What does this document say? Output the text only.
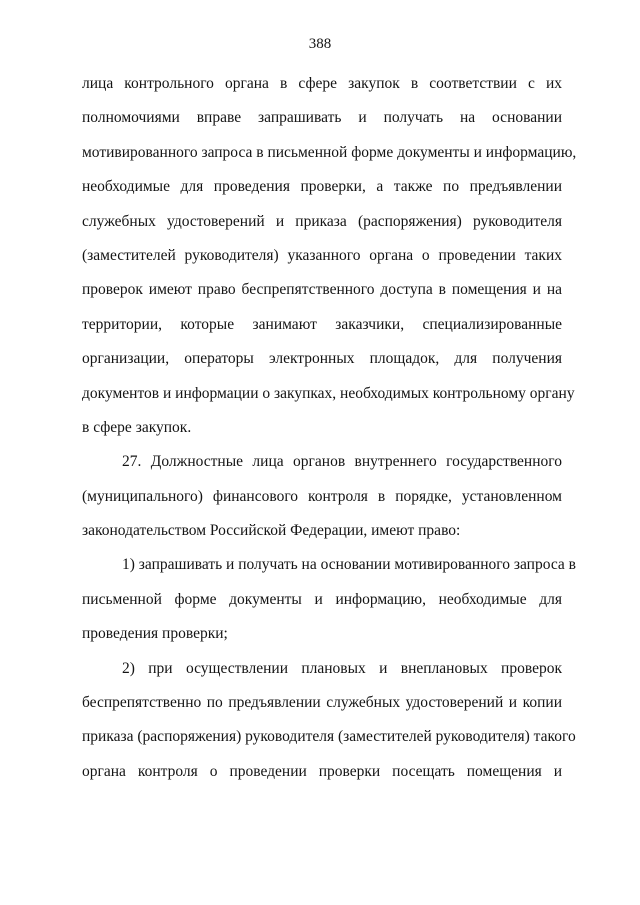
388
лица контрольного органа в сфере закупок в соответствии с их
полномочиями вправе запрашивать и получать на основании
мотивированного запроса в письменной форме документы и информацию,
необходимые для проведения проверки, а также по предъявлении
служебных удостоверений и приказа (распоряжения) руководителя
(заместителей руководителя) указанного органа о проведении таких
проверок имеют право беспрепятственного доступа в помещения и на
территории, которые занимают заказчики, специализированные
организации, операторы электронных площадок, для получения
документов и информации о закупках, необходимых контрольному органу
в сфере закупок.
27. Должностные лица органов внутреннего государственного
(муниципального) финансового контроля в порядке, установленном
законодательством Российской Федерации, имеют право:
1) запрашивать и получать на основании мотивированного запроса в
письменной форме документы и информацию, необходимые для
проведения проверки;
2) при осуществлении плановых и внеплановых проверок
беспрепятственно по предъявлении служебных удостоверений и копии
приказа (распоряжения) руководителя (заместителей руководителя) такого
органа контроля о проведении проверки посещать помещения и
